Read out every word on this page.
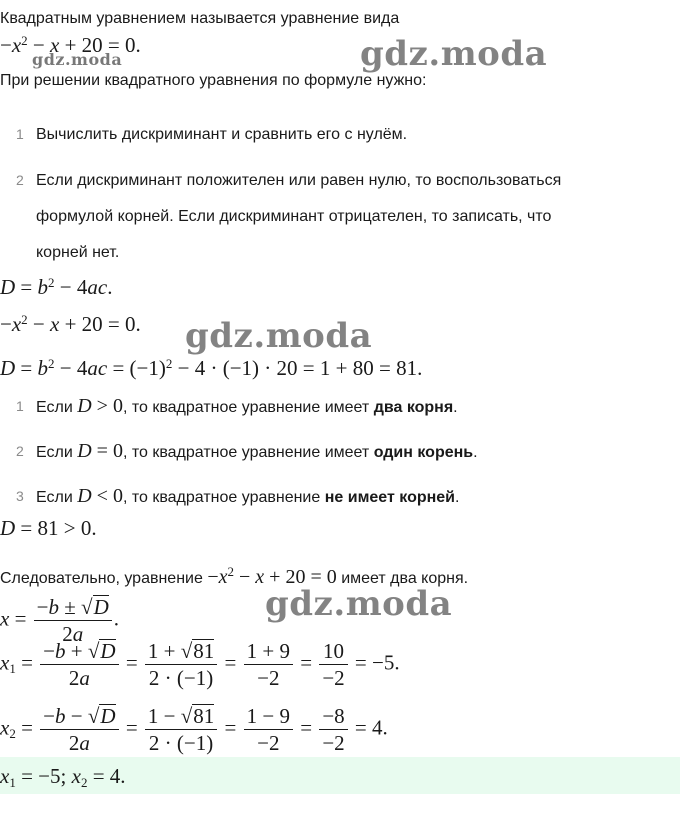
Квадратным уравнением называется уравнение вида
$-x^2 - x + 20 = 0$.
gdz.moda	gdz.moda
При решении квадратного уравнения по формуле нужно:
1 Вычислить дискриминант и сравнить его с нулём.
2 Если дискриминант положителен или равен нулю, то воспользоваться
формулой корней. Если дискриминант отрицателен, то записать, что
корней нет.
$D = b^2 - 4ac$.
$-x^2 - x + 20 = 0$. gdz.moda
$D = b^2 - 4ac = (-1)^2 - 4 \cdot (-1) \cdot 20 = 1 + 80 = 81$.
1 Если D > 0, то квадратное уравнение имеет два корня.
2 Если D = 0, то квадратное уравнение имеет один корень.
3 Если D < 0, то квадратное уравнение не имеет корней.
D = 81 > 0.
Следовательно, уравнение $-x^2 - x + 20 = 0$ имеет два корня.
$x = \frac{-b \pm √D}{2a}$ .	gdz.moda
$x_1 = \frac{-b + √D}{2a} = \frac{1 + √81}{2 \cdot (-1)} = \frac{1 + 9}{-2} = \frac{10}{-2} = -5$.
$x_2 = \frac{-b - √D}{2a} = \frac{1 - √81}{2 \cdot (-1)} = \frac{1 - 9}{-2} = \frac{-8}{-2} = 4$.
$x_1 = -5$; $x_2 = 4$.
